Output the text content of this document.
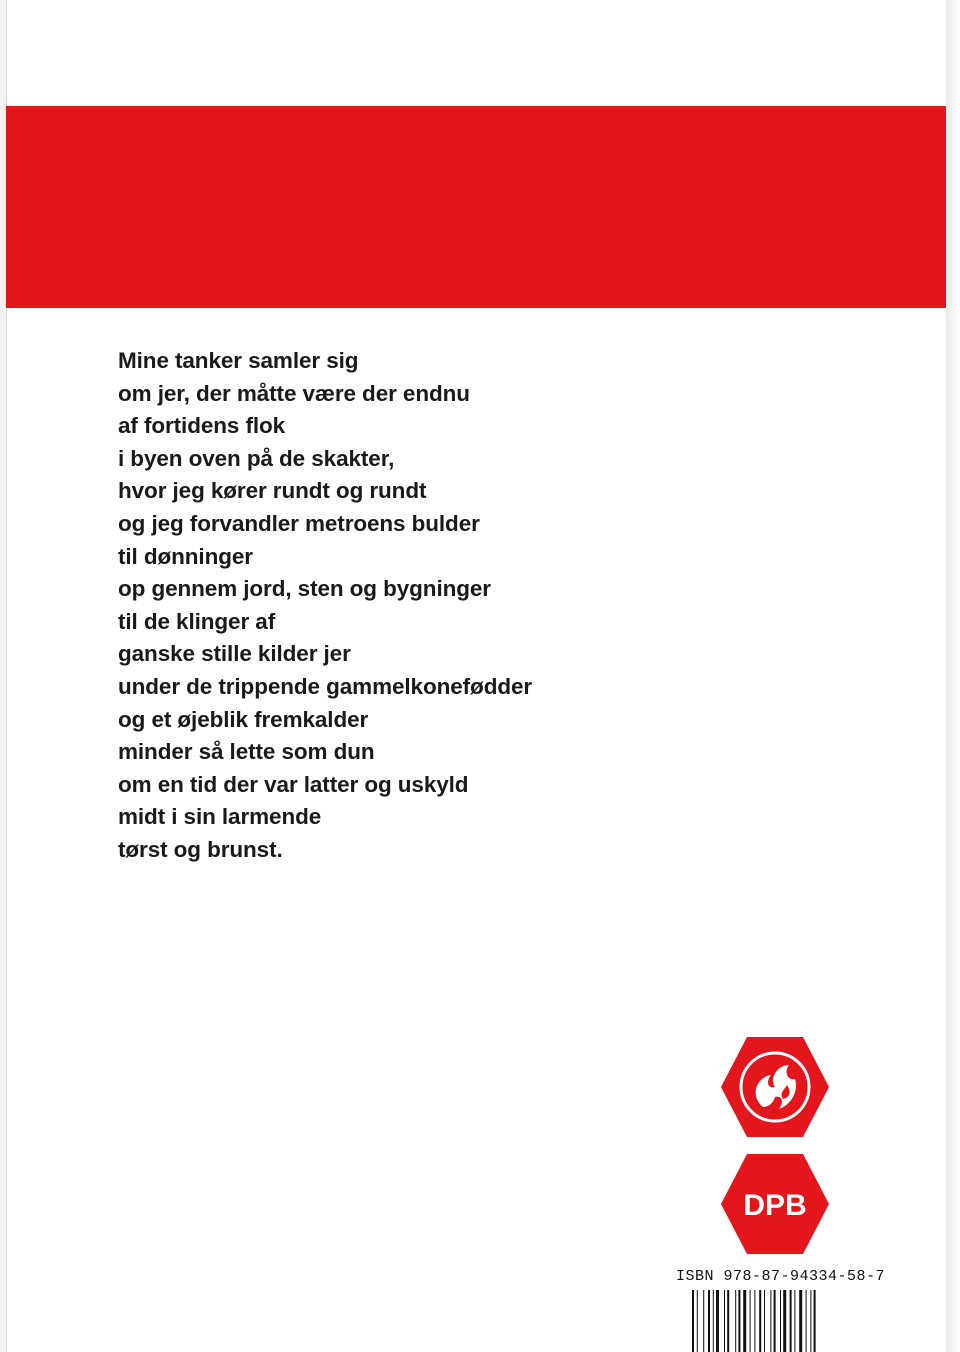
Mine tanker samler sig
om jer, der måtte være der endnu
af fortidens flok
i byen oven på de skakter,
hvor jeg kører rundt og rundt
og jeg forvandler metroens bulder
til dønninger
op gennem jord, sten og bygninger
til de klinger af
ganske stille kilder jer
under de trippende gammelkonefødder
og et øjeblik fremkalder
minder så lette som dun
om en tid der var latter og uskyld
midt i sin larmende
tørst og brunst.
DPB
ISBN 978-87-94334-58-7
